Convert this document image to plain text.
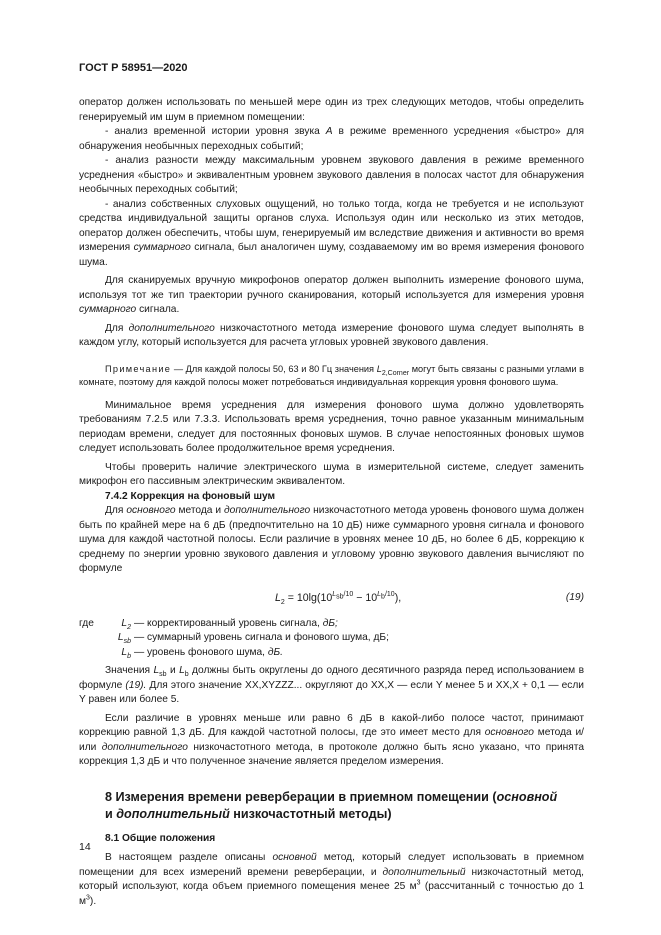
ГОСТ Р 58951—2020

оператор должен использовать по меньшей мере один из трех следующих методов, чтобы определить генерируемый им шум в приемном помещении:

- анализ временной истории уровня звука A в режиме временного усреднения «быстро» для обнаружения необычных переходных событий;

- анализ разности между максимальным уровнем звукового давления в режиме временного усреднения «быстро» и эквивалентным уровнем звукового давления в полосах частот для обнаружения необычных переходных событий;

- анализ собственных слуховых ощущений, но только тогда, когда не требуется и не используют средства индивидуальной защиты органов слуха. Используя один или несколько из этих методов, оператор должен обеспечить, чтобы шум, генерируемый им вследствие движения и активности во время измерения суммарного сигнала, был аналогичен шуму, создаваемому им во время измерения фонового шума.

Для сканируемых вручную микрофонов оператор должен выполнить измерение фонового шума, используя тот же тип траектории ручного сканирования, который используется для измерения уровня суммарного сигнала.

Для дополнительного низкочастотного метода измерение фонового шума следует выполнять в каждом углу, который используется для расчета угловых уровней звукового давления.

Примечание — Для каждой полосы 50, 63 и 80 Гц значения $L_{2,Corner}$ могут быть связаны с разными углами в комнате, поэтому для каждой полосы может потребоваться индивидуальная коррекция уровня фонового шума.

Минимальное время усреднения для измерения фонового шума должно удовлетворять требованиям 7.2.5 или 7.3.3. Использовать время усреднения, точно равное указанным минимальным периодам времени, следует для постоянных фоновых шумов. В случае непостоянных фоновых шумов следует использовать более продолжительное время усреднения.

Чтобы проверить наличие электрического шума в измерительной системе, следует заменить микрофон его пассивным электрическим эквивалентом.

7.4.2 Коррекция на фоновый шум

Для основного метода и дополнительного низкочастотного метода уровень фонового шума должен быть по крайней мере на 6 дБ (предпочтительно на 10 дБ) ниже суммарного уровня сигнала и фонового шума для каждой частотной полосы. Если различие в уровнях менее 10 дБ, но более 6 дБ, коррекцию к среднему по энергии уровню звукового давления и угловому уровню звукового давления вычисляют по формуле

$L_2 = 10\lg(10^{L_{sb}/10} - 10^{L_b/10})$,	(19)
где	$L_2$ — корректированный уровень сигнала, дБ;
$L_{sb}$ — суммарный уровень сигнала и фонового шума, дБ;
$L_b$ — уровень фонового шума, дБ.

Значения $L_{sb}$ и $L_b$ должны быть округлены до одного десятичного разряда перед использованием в формуле (19). Для этого значение XX,XYZZZ... округляют до XX,X — если Y менее 5 и XX,X + 0,1 — если Y равен или более 5.

Если различие в уровнях меньше или равно 6 дБ в какой-либо полосе частот, принимают коррекцию равной 1,3 дБ. Для каждой частотной полосы, где это имеет место для основного метода и/или дополнительного низкочастотного метода, в протоколе должно быть ясно указано, что принята коррекция 1,3 дБ и что полученное значение является пределом измерения.

8 Измерения времени реверберации в приемном помещении (основной
и дополнительный низкочастотный методы)

8.1 Общие положения

В настоящем разделе описаны основной метод, который следует использовать в приемном помещении для всех измерений времени реверберации, и дополнительный низкочастотный метод, который используют, когда объем приемного помещения менее 25 $м^3$ (рассчитанный с точностью до 1 $м^3$).

14
